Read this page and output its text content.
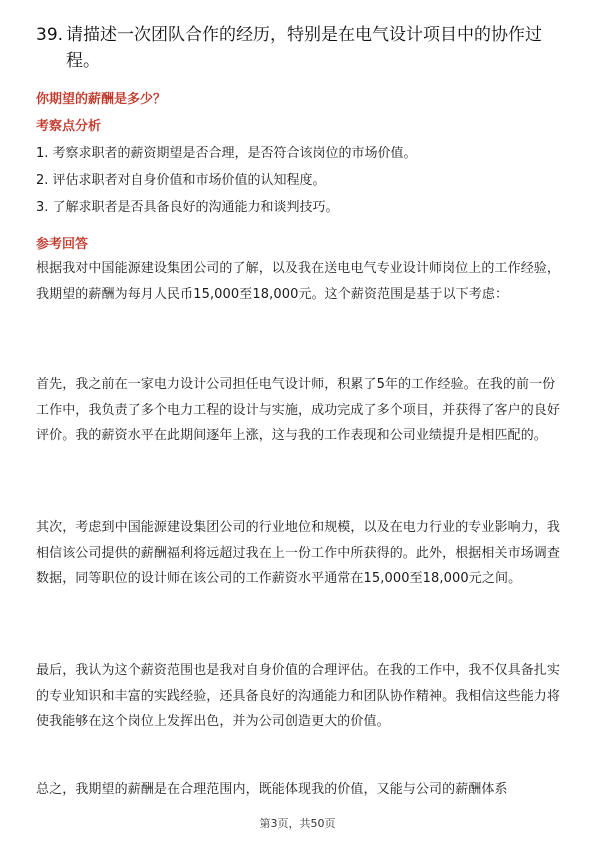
39. 请描述一次团队合作的经历，特别是在电气设计项目中的协作过
程。
你期望的薪酬是多少？
考察点分析
1. 考察求职者的薪资期望是否合理，是否符合该岗位的市场价值。
2. 评估求职者对自身价值和市场价值的认知程度。
3. 了解求职者是否具备良好的沟通能力和谈判技巧。
参考回答

根据我对中国能源建设集团公司的了解，以及我在送电电气专业设计师岗位上的工作经验，我期望的薪酬为每月人民币15,000至18,000元。这个薪资范围是基于以下考虑：

首先，我之前在一家电力设计公司担任电气设计师，积累了5年的工作经验。在我的前一份工作中，我负责了多个电力工程的设计与实施，成功完成了多个项目，并获得了客户的良好评价。我的薪资水平在此期间逐年上涨，这与我的工作表现和公司业绩提升是相匹配的。

其次，考虑到中国能源建设集团公司的行业地位和规模，以及在电力行业的专业影响力，我相信该公司提供的薪酬福利将远超过我在上一份工作中所获得的。此外，根据相关市场调查数据，同等职位的设计师在该公司的工作薪资水平通常在15,000至18,000元之间。

最后，我认为这个薪资范围也是我对自身价值的合理评估。在我的工作中，我不仅具备扎实的专业知识和丰富的实践经验，还具备良好的沟通能力和团队协作精神。我相信这些能力将使我能够在这个岗位上发挥出色，并为公司创造更大的价值。

总之，我期望的薪酬是在合理范围内，既能体现我的价值，又能与公司的薪酬体系

第3页，共50页
